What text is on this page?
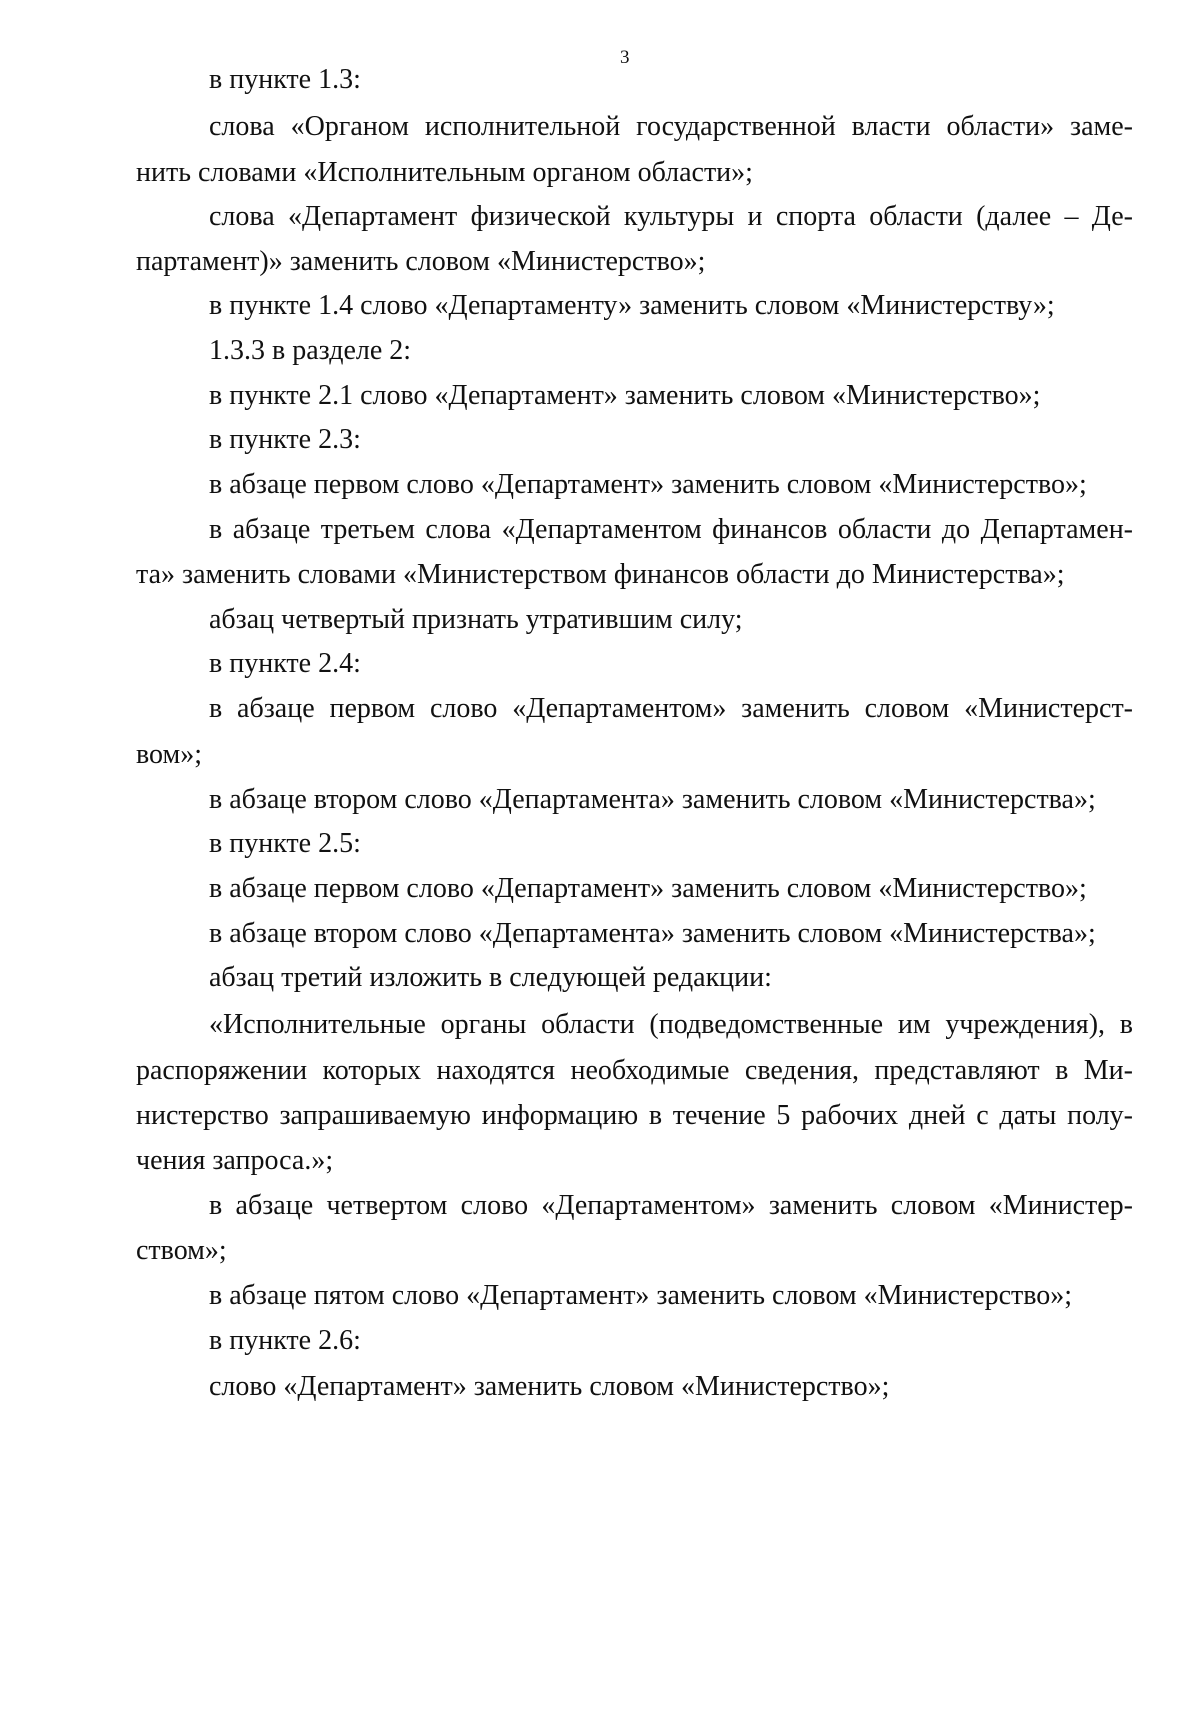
3
в пункте 1.3:
слова «Органом исполнительной государственной власти области» заме-
нить словами «Исполнительным органом области»;
слова «Департамент физической культуры и спорта области (далее – Де-
партамент)» заменить словом «Министерство»;
в пункте 1.4 слово «Департаменту» заменить словом «Министерству»;
1.3.3 в разделе 2:
в пункте 2.1 слово «Департамент» заменить словом «Министерство»;
в пункте 2.3:
в абзаце первом слово «Департамент» заменить словом «Министерство»;
в абзаце третьем слова «Департаментом финансов области до Департамен-
та» заменить словами «Министерством финансов области до Министерства»;
абзац четвертый признать утратившим силу;
в пункте 2.4:
в абзаце первом слово «Департаментом» заменить словом «Министерст-
вом»;
в абзаце втором слово «Департамента» заменить словом «Министерства»;
в пункте 2.5:
в абзаце первом слово «Департамент» заменить словом «Министерство»;
в абзаце втором слово «Департамента» заменить словом «Министерства»;
абзац третий изложить в следующей редакции:
«Исполнительные органы области (подведомственные им учреждения), в
распоряжении которых находятся необходимые сведения, представляют в Ми-
нистерство запрашиваемую информацию в течение 5 рабочих дней с даты полу-
чения запроса.»;
в абзаце четвертом слово «Департаментом» заменить словом «Министер-
ством»;
в абзаце пятом слово «Департамент» заменить словом «Министерство»;
в пункте 2.6:
слово «Департамент» заменить словом «Министерство»;
